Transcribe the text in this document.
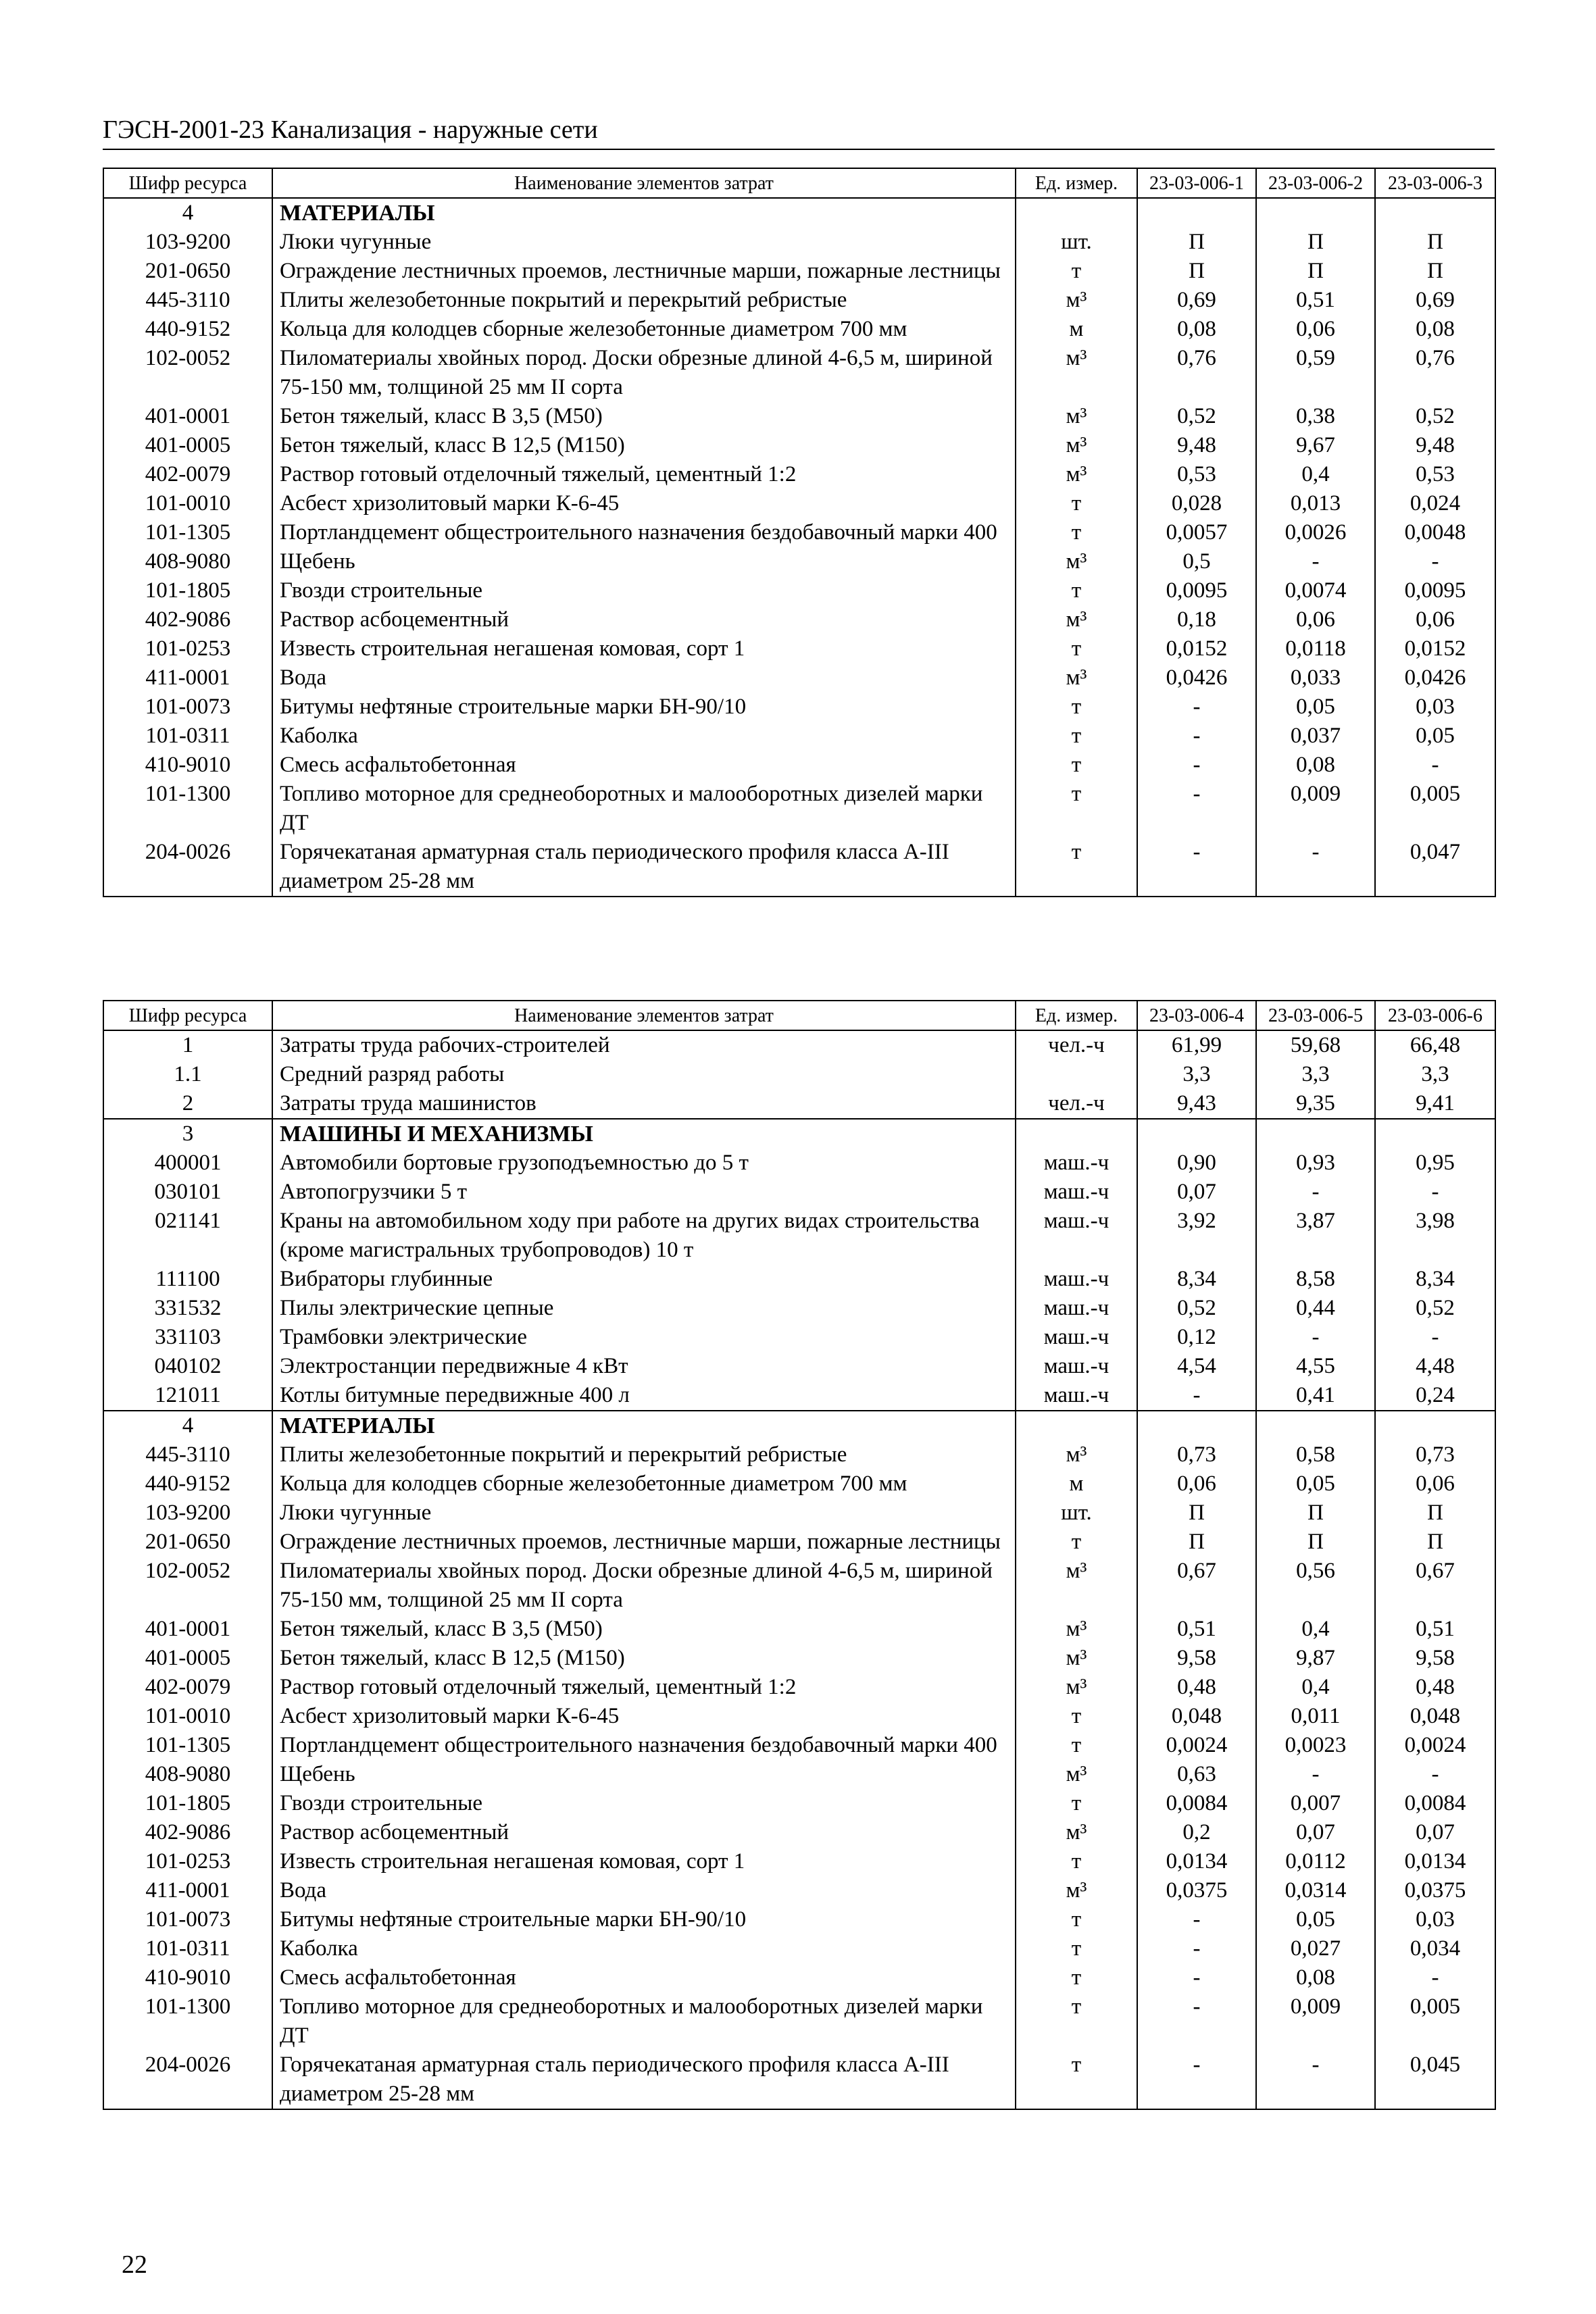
ГЭСН-2001-23 Канализация - наружные сети
Шифр ресурса	Наименование элементов затрат	Ед. измер.	23-03-006-1	23-03-006-2	23-03-006-3
4	МАТЕРИАЛЫ				
103-9200	Люки чугунные	шт.	П	П	П
201-0650	Ограждение лестничных проемов, лестничные марши, пожарные лестницы	т	П	П	П
445-3110	Плиты железобетонные покрытий и перекрытий ребристые	м³	0,69	0,51	0,69
440-9152	Кольца для колодцев сборные железобетонные диаметром 700 мм	м	0,08	0,06	0,08
102-0052	Пиломатериалы хвойных пород. Доски обрезные длиной 4-6,5 м, шириной 75-150 мм, толщиной 25 мм II сорта	м³	0,76	0,59	0,76
401-0001	Бетон тяжелый, класс В 3,5 (М50)	м³	0,52	0,38	0,52
401-0005	Бетон тяжелый, класс В 12,5 (М150)	м³	9,48	9,67	9,48
402-0079	Раствор готовый отделочный тяжелый, цементный 1:2	м³	0,53	0,4	0,53
101-0010	Асбест хризолитовый марки К-6-45	т	0,028	0,013	0,024
101-1305	Портландцемент общестроительного назначения бездобавочный марки 400	т	0,0057	0,0026	0,0048
408-9080	Щебень	м³	0,5	-	-
101-1805	Гвозди строительные	т	0,0095	0,0074	0,0095
402-9086	Раствор асбоцементный	м³	0,18	0,06	0,06
101-0253	Известь строительная негашеная комовая, сорт 1	т	0,0152	0,0118	0,0152
411-0001	Вода	м³	0,0426	0,033	0,0426
101-0073	Битумы нефтяные строительные марки БН-90/10	т	-	0,05	0,03
101-0311	Каболка	т	-	0,037	0,05
410-9010	Смесь асфальтобетонная	т	-	0,08	-
101-1300	Топливо моторное для среднеоборотных и малооборотных дизелей марки ДТ	т	-	0,009	0,005
204-0026	Горячекатаная арматурная сталь периодического профиля класса А-III диаметром 25-28 мм	т	-	-	0,047
Шифр ресурса	Наименование элементов затрат	Ед. измер.	23-03-006-4	23-03-006-5	23-03-006-6
1	Затраты труда рабочих-строителей	чел.-ч	61,99	59,68	66,48
1.1	Средний разряд работы		3,3	3,3	3,3
2	Затраты труда машинистов	чел.-ч	9,43	9,35	9,41
3	МАШИНЫ И МЕХАНИЗМЫ				
400001	Автомобили бортовые грузоподъемностью до 5 т	маш.-ч	0,90	0,93	0,95
030101	Автопогрузчики 5 т	маш.-ч	0,07	-	-
021141	Краны на автомобильном ходу при работе на других видах строительства (кроме магистральных трубопроводов) 10 т	маш.-ч	3,92	3,87	3,98
111100	Вибраторы глубинные	маш.-ч	8,34	8,58	8,34
331532	Пилы электрические цепные	маш.-ч	0,52	0,44	0,52
331103	Трамбовки электрические	маш.-ч	0,12	-	-
040102	Электростанции передвижные 4 кВт	маш.-ч	4,54	4,55	4,48
121011	Котлы битумные передвижные 400 л	маш.-ч	-	0,41	0,24
4	МАТЕРИАЛЫ				
445-3110	Плиты железобетонные покрытий и перекрытий ребристые	м³	0,73	0,58	0,73
440-9152	Кольца для колодцев сборные железобетонные диаметром 700 мм	м	0,06	0,05	0,06
103-9200	Люки чугунные	шт.	П	П	П
201-0650	Ограждение лестничных проемов, лестничные марши, пожарные лестницы	т	П	П	П
102-0052	Пиломатериалы хвойных пород. Доски обрезные длиной 4-6,5 м, шириной 75-150 мм, толщиной 25 мм II сорта	м³	0,67	0,56	0,67
401-0001	Бетон тяжелый, класс В 3,5 (М50)	м³	0,51	0,4	0,51
401-0005	Бетон тяжелый, класс В 12,5 (М150)	м³	9,58	9,87	9,58
402-0079	Раствор готовый отделочный тяжелый, цементный 1:2	м³	0,48	0,4	0,48
101-0010	Асбест хризолитовый марки К-6-45	т	0,048	0,011	0,048
101-1305	Портландцемент общестроительного назначения бездобавочный марки 400	т	0,0024	0,0023	0,0024
408-9080	Щебень	м³	0,63	-	-
101-1805	Гвозди строительные	т	0,0084	0,007	0,0084
402-9086	Раствор асбоцементный	м³	0,2	0,07	0,07
101-0253	Известь строительная негашеная комовая, сорт 1	т	0,0134	0,0112	0,0134
411-0001	Вода	м³	0,0375	0,0314	0,0375
101-0073	Битумы нефтяные строительные марки БН-90/10	т	-	0,05	0,03
101-0311	Каболка	т	-	0,027	0,034
410-9010	Смесь асфальтобетонная	т	-	0,08	-
101-1300	Топливо моторное для среднеоборотных и малооборотных дизелей марки ДТ	т	-	0,009	0,005
204-0026	Горячекатаная арматурная сталь периодического профиля класса А-III диаметром 25-28 мм	т	-	-	0,045
22
